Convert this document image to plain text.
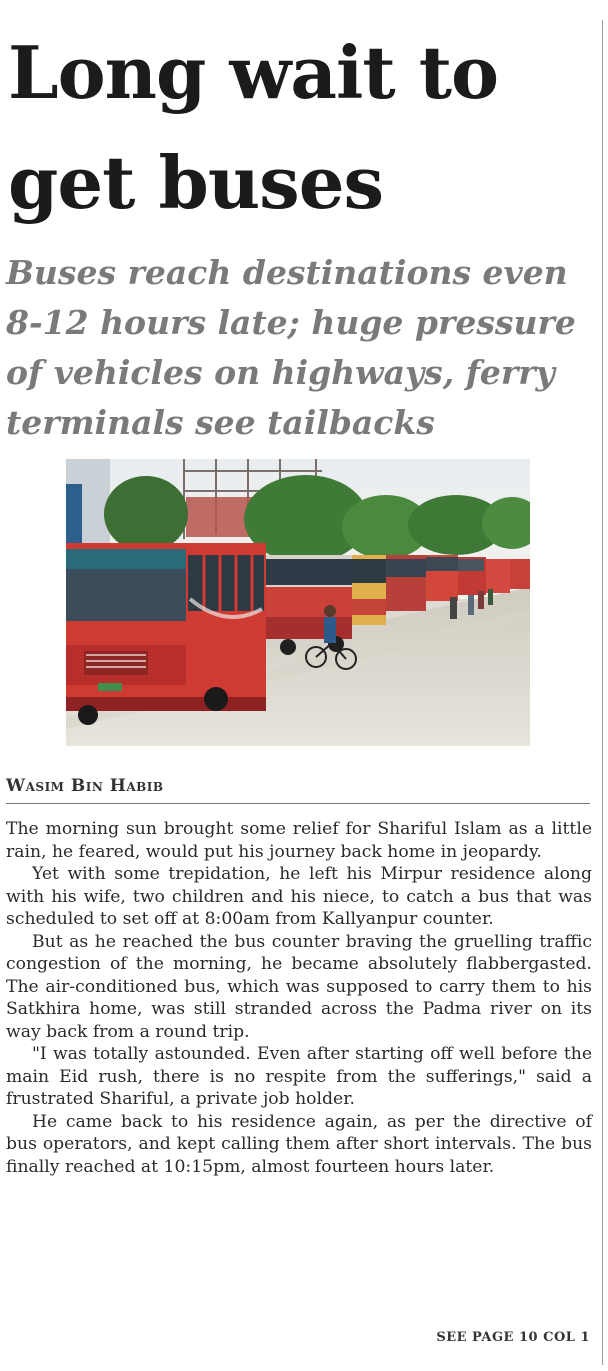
Long wait to get buses
Buses reach destinations even 8-12 hours late; huge pressure of vehicles on highways, ferry terminals see tailbacks
Wasim Bin Habib

The morning sun brought some relief for Shariful Islam as a little rain, he feared, would put his journey back home in jeopardy.

Yet with some trepidation, he left his Mirpur residence along with his wife, two children and his niece, to catch a bus that was scheduled to set off at 8:00am from Kallyanpur counter.

But as he reached the bus counter braving the gruelling traffic congestion of the morning, he became absolutely flabbergasted. The air-conditioned bus, which was supposed to carry them to his Satkhira home, was still stranded across the Padma river on its way back from a round trip.

"I was totally astounded. Even after starting off well before the main Eid rush, there is no respite from the sufferings," said a frustrated Shariful, a private job holder.

He came back to his residence again, as per the directive of bus operators, and kept calling them after short intervals. The bus finally reached at 10:15pm, almost fourteen hours later.

SEE PAGE 10 COL 1
